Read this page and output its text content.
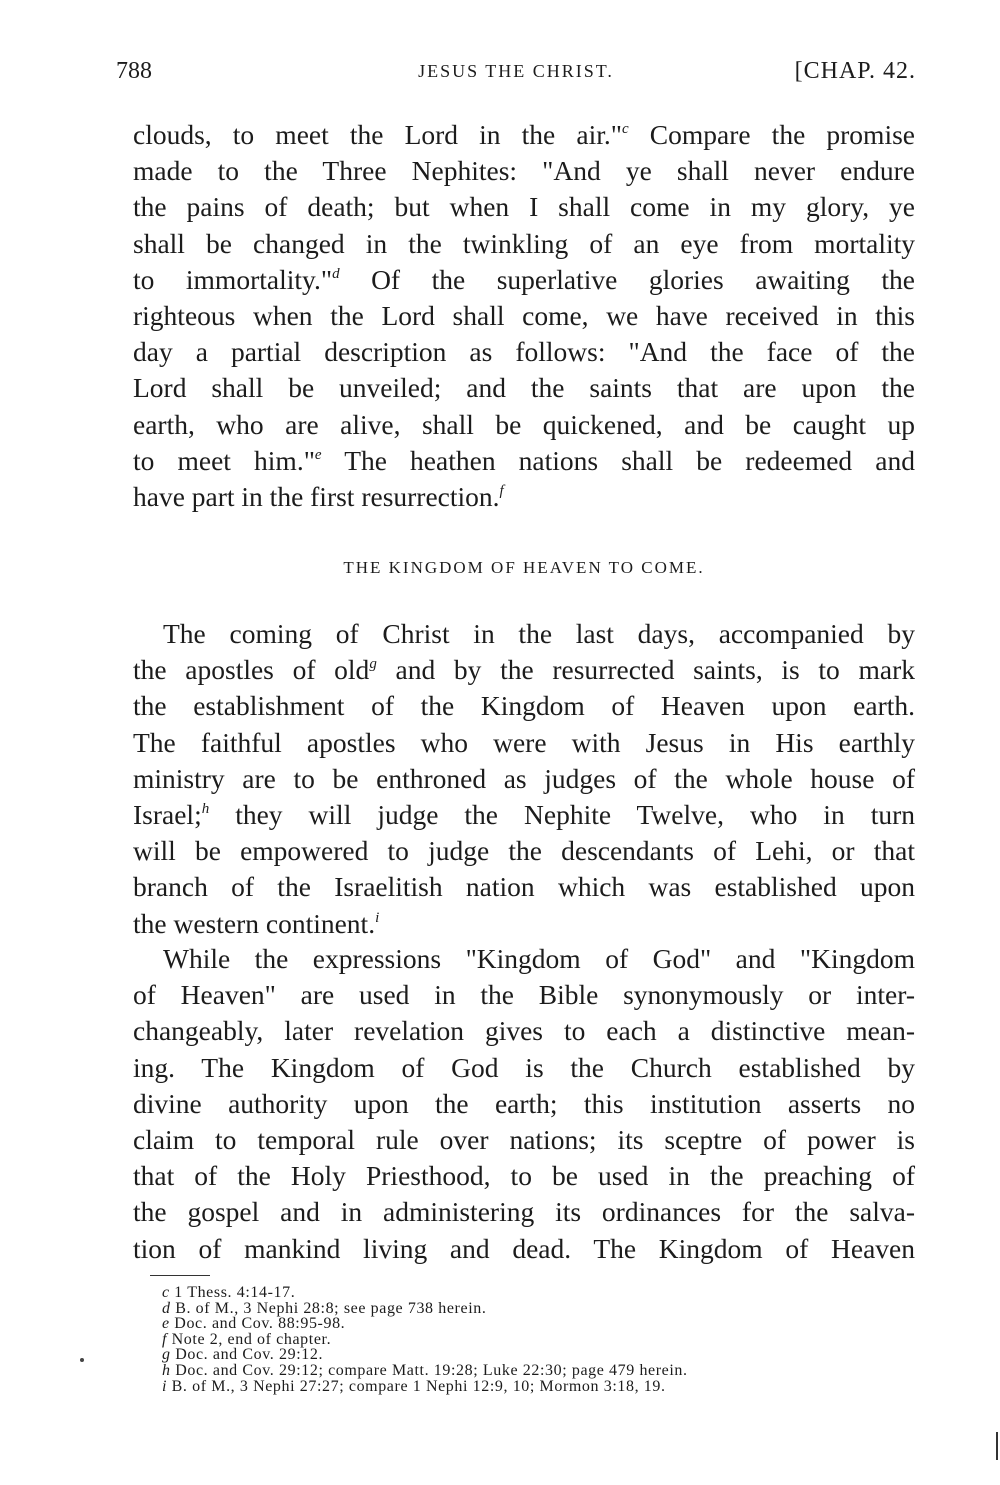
788	JESUS THE CHRIST.	[CHAP. 42.
clouds, to meet the Lord in the air."$^c$ Compare the promise
made to the Three Nephites: "And ye shall never endure
the pains of death; but when I shall come in my glory, ye
shall be changed in the twinkling of an eye from mortality
to immortality."$^d$ Of the superlative glories awaiting the
righteous when the Lord shall come, we have received in this
day a partial description as follows: "And the face of the
Lord shall be unveiled; and the saints that are upon the
earth, who are alive, shall be quickened, and be caught up
to meet him."$^e$ The heathen nations shall be redeemed and
have part in the first resurrection.$^f$
THE KINGDOM OF HEAVEN TO COME.
The coming of Christ in the last days, accompanied by
the apostles of old$^g$ and by the resurrected saints, is to mark
the establishment of the Kingdom of Heaven upon earth.
The faithful apostles who were with Jesus in His earthly
ministry are to be enthroned as judges of the whole house of
Israel;$^h$ they will judge the Nephite Twelve, who in turn
will be empowered to judge the descendants of Lehi, or that
branch of the Israelitish nation which was established upon
the western continent.$^i$
While the expressions "Kingdom of God" and "Kingdom
of Heaven" are used in the Bible synonymously or inter-
changeably, later revelation gives to each a distinctive mean-
ing. The Kingdom of God is the Church established by
divine authority upon the earth; this institution asserts no
claim to temporal rule over nations; its sceptre of power is
that of the Holy Priesthood, to be used in the preaching of
the gospel and in administering its ordinances for the salva-
tion of mankind living and dead. The Kingdom of Heaven
c 1 Thess. 4:14-17.
d B. of M., 3 Nephi 28:8; see page 738 herein.
e Doc. and Cov. 88:95-98.
f Note 2, end of chapter.
g Doc. and Cov. 29:12.
h Doc. and Cov. 29:12; compare Matt. 19:28; Luke 22:30; page 479 herein.
i B. of M., 3 Nephi 27:27; compare 1 Nephi 12:9, 10; Mormon 3:18, 19.
